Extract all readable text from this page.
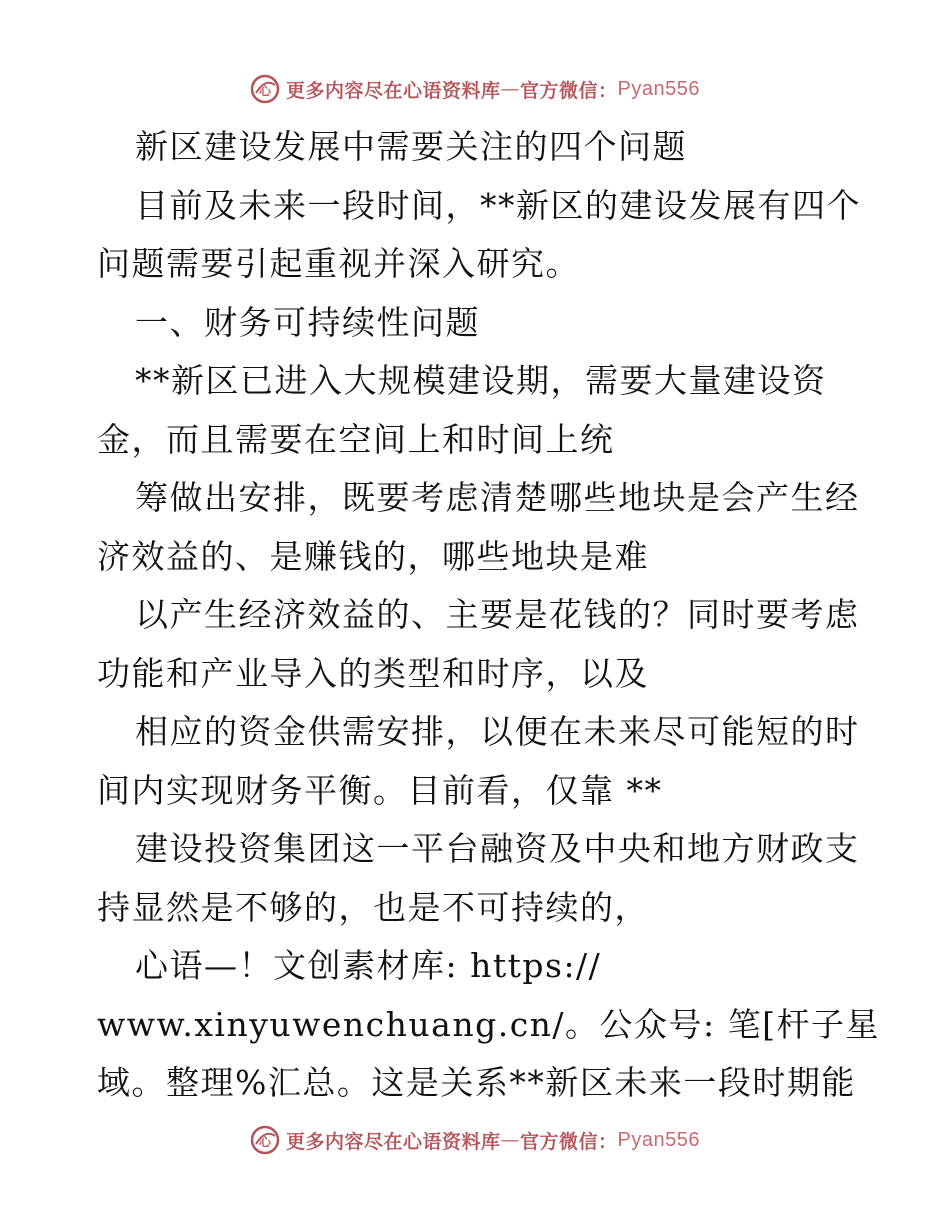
心 更多内容尽在心语资料库 — 官方微信： Pyan556
新区建设发展中需要关注的四个问题
目前及未来一段时间，**新区的建设发展有四个
问题需要引起重视并深入研究。
一、财务可持续性问题
**新区已进入大规模建设期，需要大量建设资
金，而且需要在空间上和时间上统
筹做出安排，既要考虑清楚哪些地块是会产生经
济效益的、是赚钱的，哪些地块是难
以产生经济效益的、主要是花钱的？同时要考虑
功能和产业导入的类型和时序，以及
相应的资金供需安排，以便在未来尽可能短的时
间内实现财务平衡。目前看，仅靠 **
建设投资集团这一平台融资及中央和地方财政支
持显然是不够的，也是不可持续的，
心语—！文创素材库: https://
www.xinyuwenchuang.cn/。公众号: 笔[杆子星
域。整理%汇总。这是关系**新区未来一段时期能
心 更多内容尽在心语资料库 — 官方微信： Pyan556
